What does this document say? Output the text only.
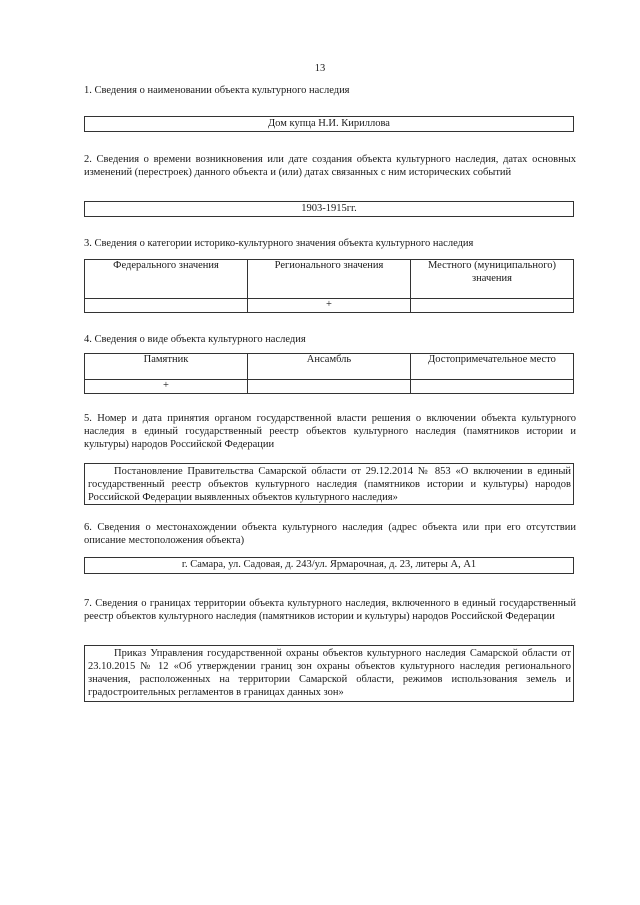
13
1. Сведения о наименовании объекта культурного наследия
Дом купца Н.И. Кириллова
2. Сведения о времени возникновения или дате создания объекта культурного наследия, датах основных изменений (перестроек) данного объекта и (или) датах связанных с ним исторических событий
1903-1915гг.
3. Сведения о категории историко-культурного значения объекта культурного наследия
Федерального значения	Регионального значения	Местного (муниципального) значения
	+	
4. Сведения о виде объекта культурного наследия
Памятник	Ансамбль	Достопримечательное место
+		
5. Номер и дата принятия органом государственной власти решения о включении объекта культурного наследия в единый государственный реестр объектов культурного наследия (памятников истории и культуры) народов Российской Федерации
Постановление Правительства Самарской области от 29.12.2014 № 853 «О включении в единый государственный реестр объектов культурного наследия (памятников истории и культуры) народов Российской Федерации выявленных объектов культурного наследия»
6. Сведения о местонахождении объекта культурного наследия (адрес объекта или при его отсутствии описание местоположения объекта)
г. Самара, ул. Садовая, д. 243/ул. Ярмарочная, д. 23, литеры А, А1
7. Сведения о границах территории объекта культурного наследия, включенного в единый государственный реестр объектов культурного наследия (памятников истории и культуры) народов Российской Федерации
Приказ Управления государственной охраны объектов культурного наследия Самарской области от 23.10.2015 № 12 «Об утверждении границ зон охраны объектов культурного наследия регионального значения, расположенных на территории Самарской области, режимов использования земель и градостроительных регламентов в границах данных зон»
